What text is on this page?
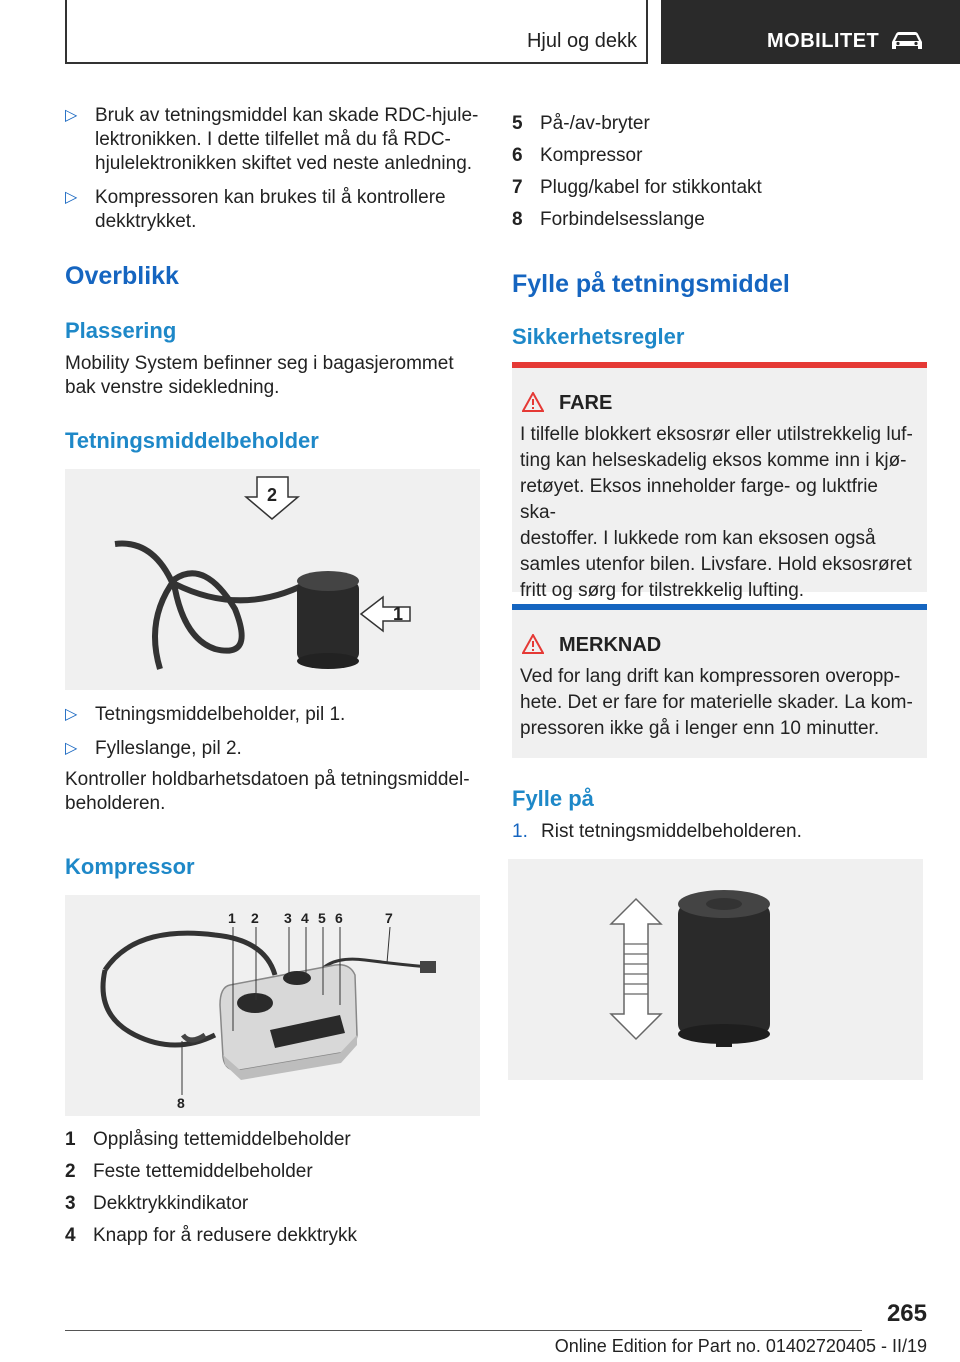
Hjul og dekk	MOBILITET
▷ Bruk av tetningsmiddel kan skade RDC-hjulelektronikken. I dette tilfellet må du få RDC-hjulelektronikken skiftet ved neste anledning.
▷ Kompressoren kan brukes til å kontrollere dekktrykket.
Overblikk
Plassering
Mobility System befinner seg i bagasjerommet bak venstre sidekledning.
Tetningsmiddelbeholder
2
1
▷ Tetningsmiddelbeholder, pil 1.
▷ Fylleslange, pil 2.
Kontroller holdbarhetsdatoen på tetningsmiddelbeholderen.
Kompressor
1 2 3 4 5 6	7
8
1 Opplåsing tettemiddelbeholder
2 Feste tettemiddelbeholder
3 Dekktrykkindikator
4 Knapp for å redusere dekktrykk
5 På-/av-bryter
6 Kompressor
7 Plugg/kabel for stikkontakt
8 Forbindelsesslange
Fylle på tetningsmiddel
Sikkerhetsregler
FARE
I tilfelle blokkert eksosrør eller utilstrekkelig luf-
ting kan helseskadelig eksos komme inn i kjø-
retøyet. Eksos inneholder farge- og luktfrie ska-
destoffer. I lukkede rom kan eksosen også
samles utenfor bilen. Livsfare. Hold eksosrøret
fritt og sørg for tilstrekkelig lufting.
MERKNAD
Ved for lang drift kan kompressoren overopp-
hete. Det er fare for materielle skader. La kom-
pressoren ikke gå i lenger enn 10 minutter.
Fylle på
1. Rist tetningsmiddelbeholderen.
265
Online Edition for Part no. 01402720405 - II/19
